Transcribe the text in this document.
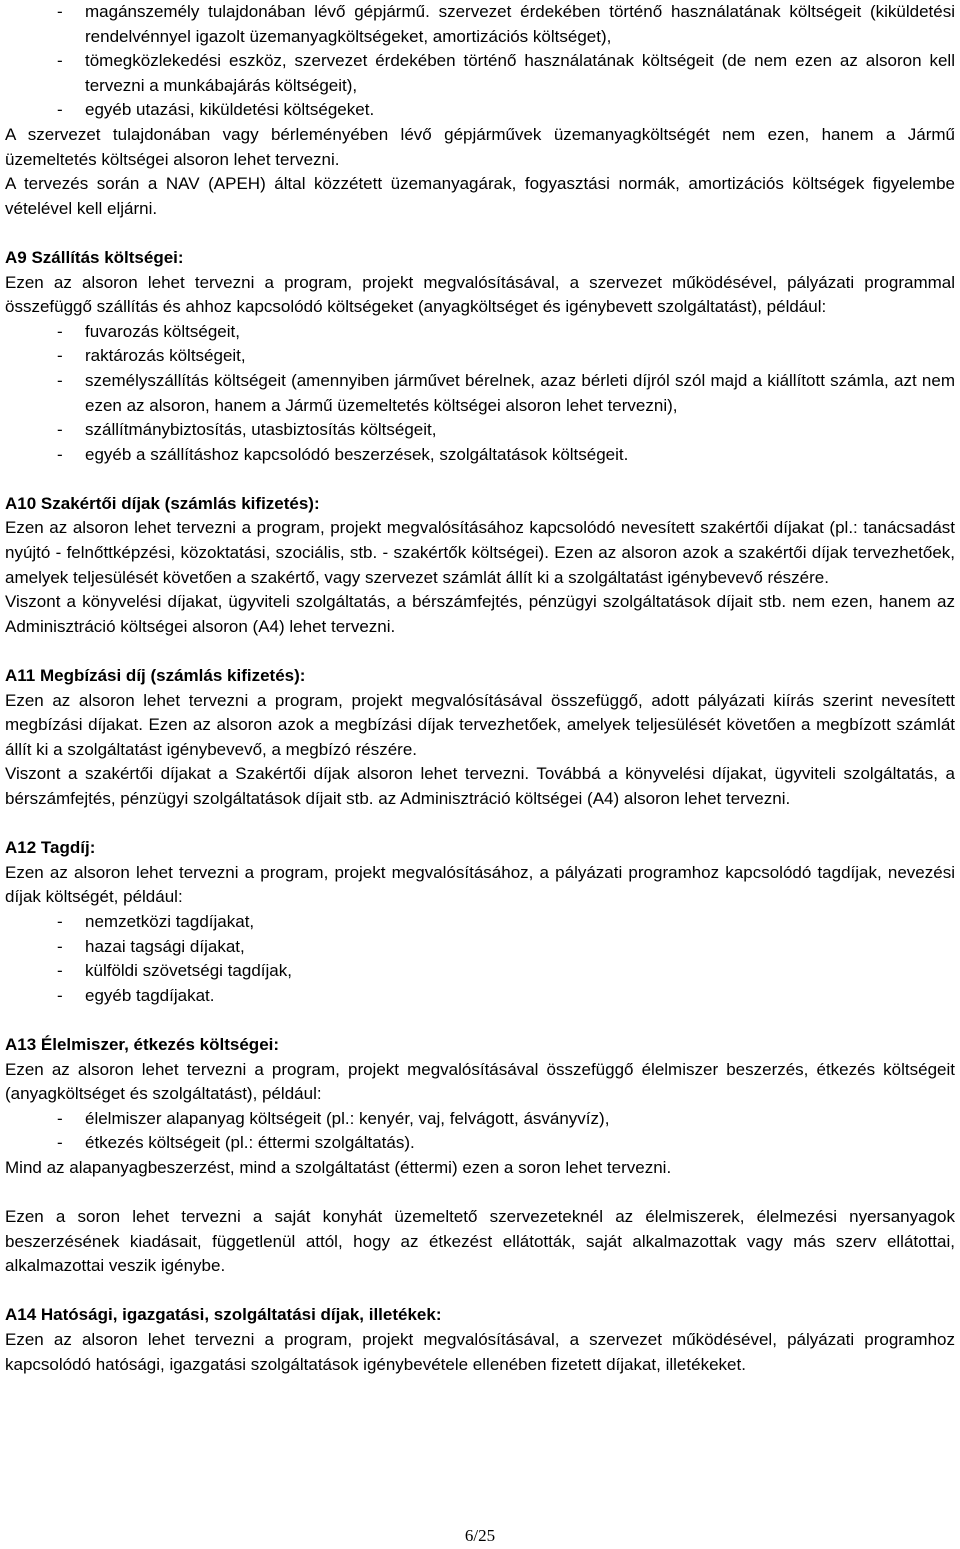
-	magánszemély tulajdonában lévő gépjármű. szervezet érdekében történő használatának költségeit (kiküldetési rendelvénnyel igazolt üzemanyagköltségeket, amortizációs költséget),
-	tömegközlekedési eszköz, szervezet érdekében történő használatának költségeit (de nem ezen az alsoron kell tervezni a munkábajárás költségeit),
-	egyéb utazási, kiküldetési költségeket.

A szervezet tulajdonában vagy bérleményében lévő gépjárművek üzemanyagköltségét nem ezen, hanem a Jármű üzemeltetés költségei alsoron lehet tervezni.

A tervezés során a NAV (APEH) által közzétett üzemanyagárak, fogyasztási normák, amortizációs költségek figyelembe vételével kell eljárni.

A9 Szállítás költségei:

Ezen az alsoron lehet tervezni a program, projekt megvalósításával, a szervezet működésével, pályázati programmal összefüggő szállítás és ahhoz kapcsolódó költségeket (anyagköltséget és igénybevett szolgáltatást), például:

-	fuvarozás költségeit,
-	raktározás költségeit,
-	személyszállítás költségeit (amennyiben járművet bérelnek, azaz bérleti díjról szól majd a kiállított számla, azt nem ezen az alsoron, hanem a Jármű üzemeltetés költségei alsoron lehet tervezni),
-	szállítmánybiztosítás, utasbiztosítás költségeit,
-	egyéb a szállításhoz kapcsolódó beszerzések, szolgáltatások költségeit.

A10 Szakértői díjak (számlás kifizetés):

Ezen az alsoron lehet tervezni a program, projekt megvalósításához kapcsolódó nevesített szakértői díjakat (pl.: tanácsadást nyújtó - felnőttképzési, közoktatási, szociális, stb. - szakértők költségei). Ezen az alsoron azok a szakértői díjak tervezhetőek, amelyek teljesülését követően a szakértő, vagy szervezet számlát állít ki a szolgáltatást igénybevevő részére.

Viszont a könyvelési díjakat, ügyviteli szolgáltatás, a bérszámfejtés, pénzügyi szolgáltatások díjait stb. nem ezen, hanem az Adminisztráció költségei alsoron (A4) lehet tervezni.

A11 Megbízási díj (számlás kifizetés):

Ezen az alsoron lehet tervezni a program, projekt megvalósításával összefüggő, adott pályázati kiírás szerint nevesített megbízási díjakat. Ezen az alsoron azok a megbízási díjak tervezhetőek, amelyek teljesülését követően a megbízott számlát állít ki a szolgáltatást igénybevevő, a megbízó részére.

Viszont a szakértői díjakat a Szakértői díjak alsoron lehet tervezni. Továbbá a könyvelési díjakat, ügyviteli szolgáltatás, a bérszámfejtés, pénzügyi szolgáltatások díjait stb. az Adminisztráció költségei (A4) alsoron lehet tervezni.

A12 Tagdíj:

Ezen az alsoron lehet tervezni a program, projekt megvalósításához, a pályázati programhoz kapcsolódó tagdíjak, nevezési díjak költségét, például:

-	nemzetközi tagdíjakat,
-	hazai tagsági díjakat,
-	külföldi szövetségi tagdíjak,
-	egyéb tagdíjakat.

A13 Élelmiszer, étkezés költségei:

Ezen az alsoron lehet tervezni a program, projekt megvalósításával összefüggő élelmiszer beszerzés, étkezés költségeit (anyagköltséget és szolgáltatást), például:

-	élelmiszer alapanyag költségeit (pl.: kenyér, vaj, felvágott, ásványvíz),
-	étkezés költségeit (pl.: éttermi szolgáltatás).

Mind az alapanyagbeszerzést, mind a szolgáltatást (éttermi) ezen a soron lehet tervezni.

Ezen a soron lehet tervezni a saját konyhát üzemeltető szervezeteknél az élelmiszerek, élelmezési nyersanyagok beszerzésének kiadásait, függetlenül attól, hogy az étkezést ellátották, saját alkalmazottak vagy más szerv ellátottai, alkalmazottai veszik igénybe.

A14 Hatósági, igazgatási, szolgáltatási díjak, illetékek:

Ezen az alsoron lehet tervezni a program, projekt megvalósításával, a szervezet működésével, pályázati programhoz kapcsolódó hatósági, igazgatási szolgáltatások igénybevétele ellenében fizetett díjakat, illetékeket.

6/25
